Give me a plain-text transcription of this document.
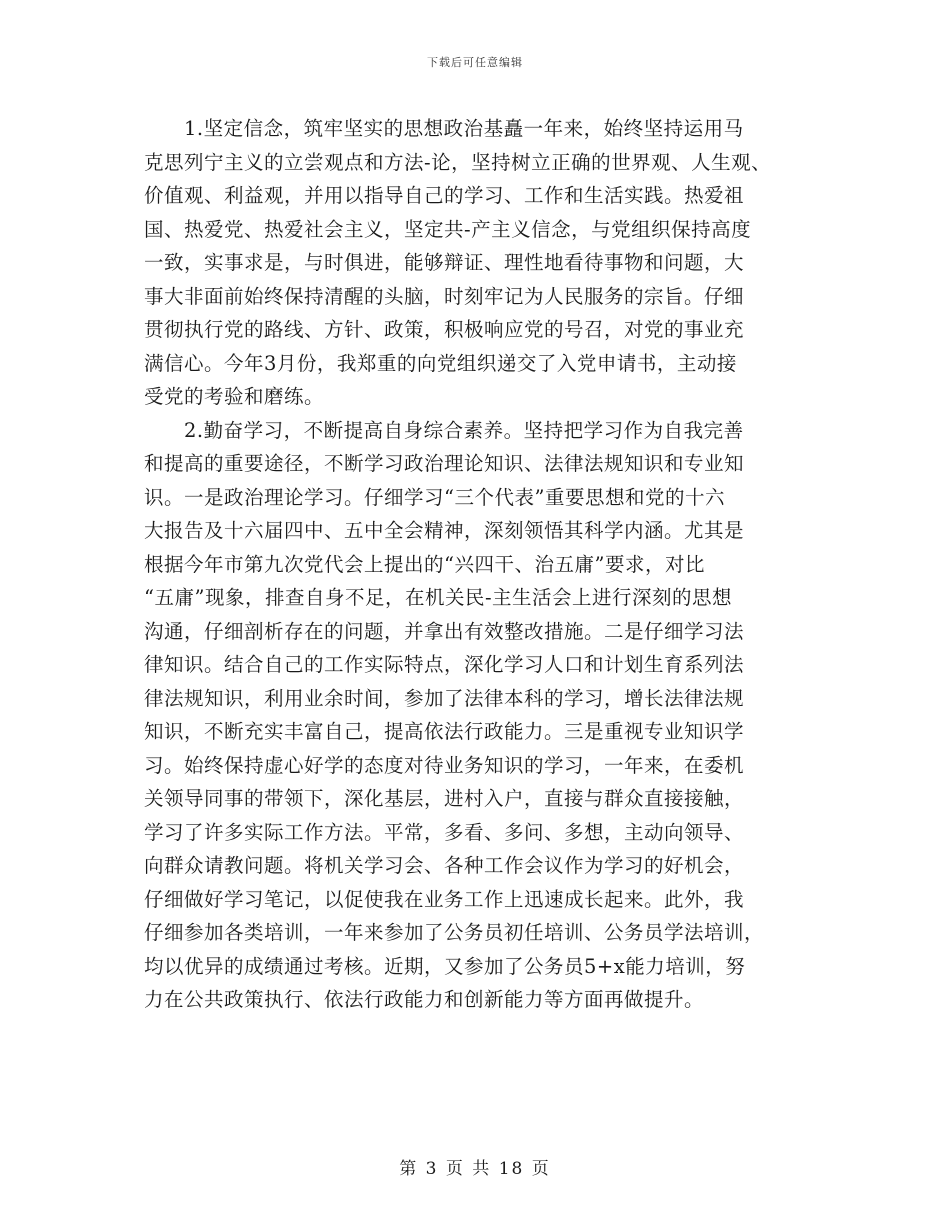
下载后可任意编辑
1.坚定信念，筑牢坚实的思想政治基矗一年来，始终坚持运用马
克思列宁主义的立尝观点和方法-论，坚持树立正确的世界观、人生观、
价值观、利益观，并用以指导自己的学习、工作和生活实践。热爱祖
国、热爱党、热爱社会主义，坚定共-产主义信念，与党组织保持高度
一致，实事求是，与时俱进，能够辩证、理性地看待事物和问题，大
事大非面前始终保持清醒的头脑，时刻牢记为人民服务的宗旨。仔细
贯彻执行党的路线、方针、政策，积极响应党的号召，对党的事业充
满信心。今年3月份，我郑重的向党组织递交了入党申请书，主动接
受党的考验和磨练。
2.勤奋学习，不断提高自身综合素养。坚持把学习作为自我完善
和提高的重要途径，不断学习政治理论知识、法律法规知识和专业知
识。一是政治理论学习。仔细学习“三个代表”重要思想和党的十六
大报告及十六届四中、五中全会精神，深刻领悟其科学内涵。尤其是
根据今年市第九次党代会上提出的“兴四干、治五庸”要求，对比
“五庸”现象，排查自身不足，在机关民-主生活会上进行深刻的思想
沟通，仔细剖析存在的问题，并拿出有效整改措施。二是仔细学习法
律知识。结合自己的工作实际特点，深化学习人口和计划生育系列法
律法规知识，利用业余时间，参加了法律本科的学习，增长法律法规
知识，不断充实丰富自己，提高依法行政能力。三是重视专业知识学
习。始终保持虚心好学的态度对待业务知识的学习，一年来，在委机
关领导同事的带领下，深化基层，进村入户，直接与群众直接接触，
学习了许多实际工作方法。平常，多看、多问、多想，主动向领导、
向群众请教问题。将机关学习会、各种工作会议作为学习的好机会，
仔细做好学习笔记，以促使我在业务工作上迅速成长起来。此外，我
仔细参加各类培训，一年来参加了公务员初任培训、公务员学法培训，
均以优异的成绩通过考核。近期，又参加了公务员5+x能力培训，努
力在公共政策执行、依法行政能力和创新能力等方面再做提升。
第 3 页 共 18 页
